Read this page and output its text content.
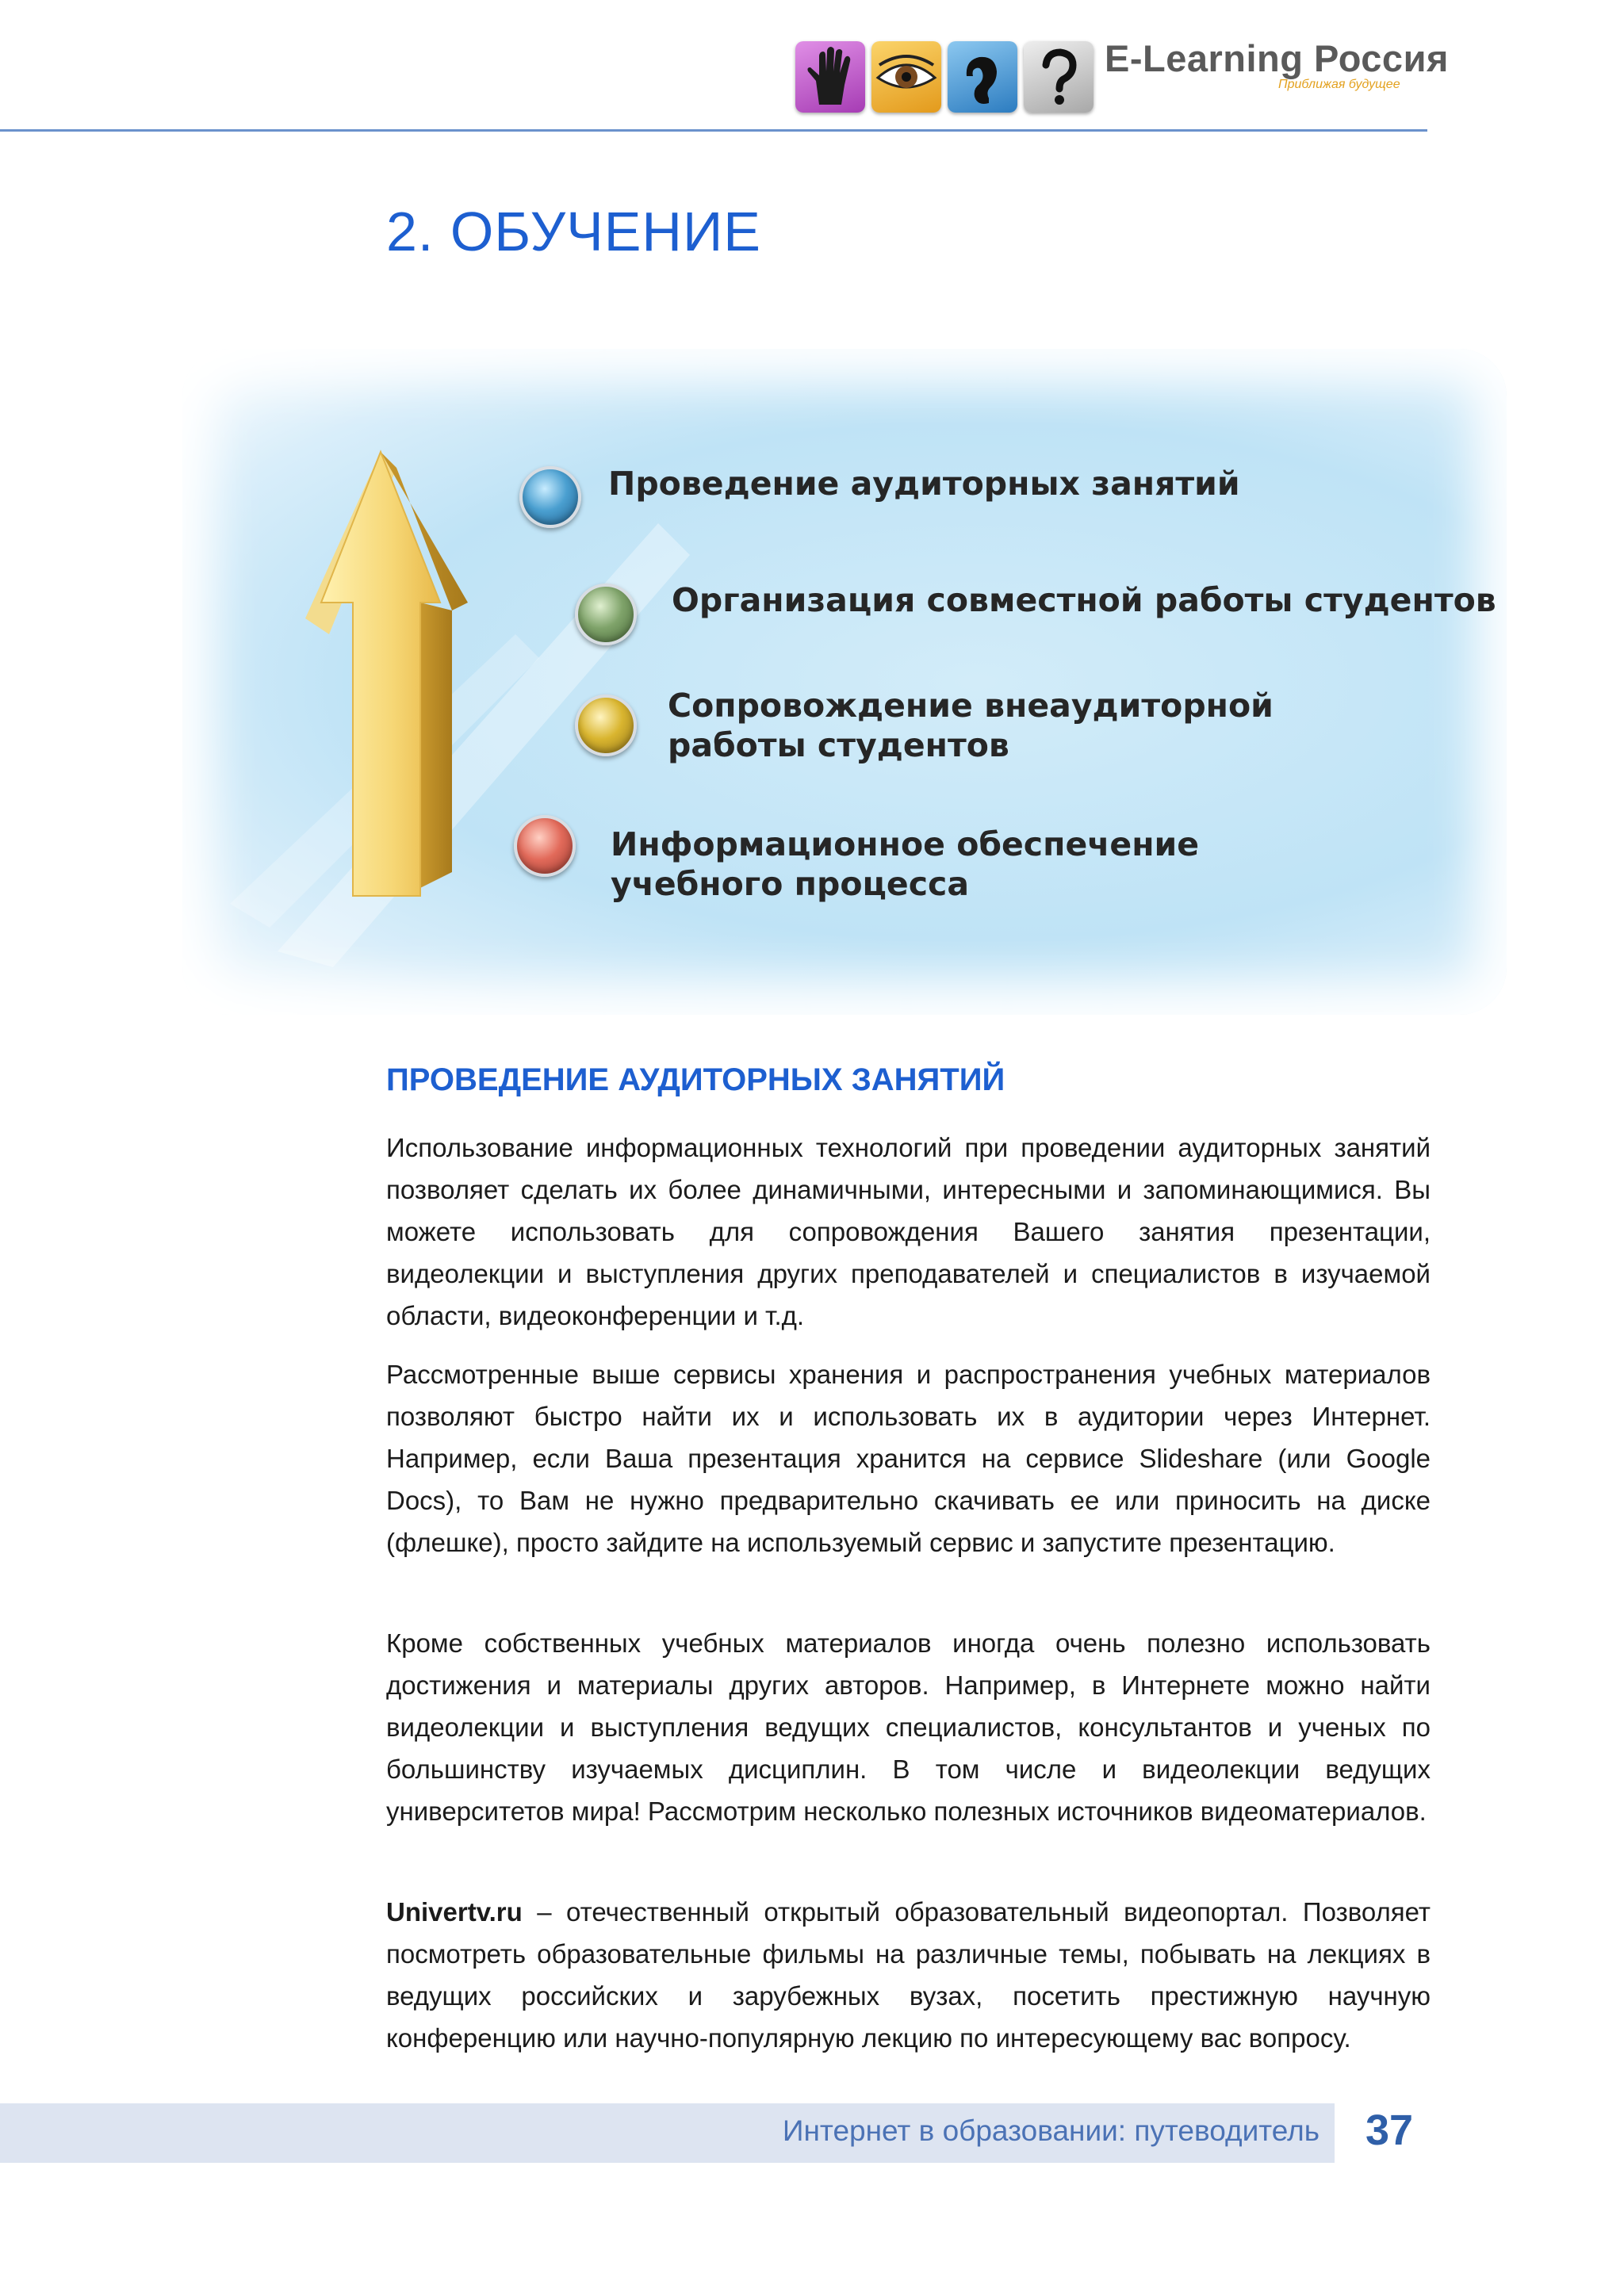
E-Learning Россия
Приближая будущее
2. ОБУЧЕНИЕ
Проведение аудиторных занятий
Организация совместной работы студентов
Сопровождение внеаудиторной работы студентов
Информационное обеспечение учебного процесса
ПРОВЕДЕНИЕ АУДИТОРНЫХ ЗАНЯТИЙ

Использование информационных технологий при проведении аудиторных занятий позволяет сделать их более динамичными, интересными и запоминающимися. Вы можете использовать для сопровождения Вашего занятия презентации, видеолекции и выступления других преподавателей и специалистов в изучаемой области, видеоконференции и т.д.

Рассмотренные выше сервисы хранения и распространения учебных материалов позволяют быстро найти их и использовать их в аудитории через Интернет. Например, если Ваша презентация хранится на сервисе Slideshare (или Google Docs), то Вам не нужно предварительно скачивать ее или приносить на диске (флешке), просто зайдите на используемый сервис и запустите презентацию.

Кроме собственных учебных материалов иногда очень полезно использовать достижения и материалы других авторов. Например, в Интернете можно найти видеолекции и выступления ведущих специалистов, консультантов и ученых по большинству изучаемых дисциплин. В том числе и видеолекции ведущих университетов мира! Рассмотрим несколько полезных источников видеоматериалов.

Univertv.ru – отечественный открытый образовательный видеопортал. Позволяет посмотреть образовательные фильмы на различные темы, побывать на лекциях в ведущих российских и зарубежных вузах, посетить престижную научную конференцию или научно-популярную лекцию по интересующему вас вопросу.

Интернет в образовании: путеводитель 37
